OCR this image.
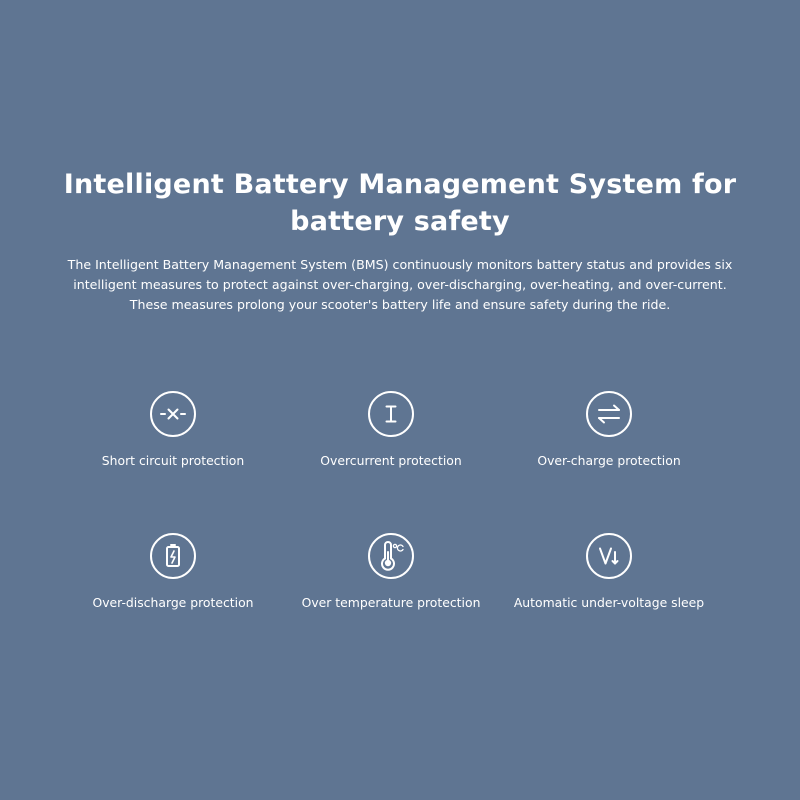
Intelligent Battery Management System for
battery safety

The Intelligent Battery Management System (BMS) continuously monitors battery status and provides six
intelligent measures to protect against over-charging, over-discharging, over-heating, and over-current.
These measures prolong your scooter's battery life and ensure safety during the ride.

Short circuit protection	Overcurrent protection	Over-charge protection
Over-discharge protection	Over temperature protection	Automatic under-voltage sleep
